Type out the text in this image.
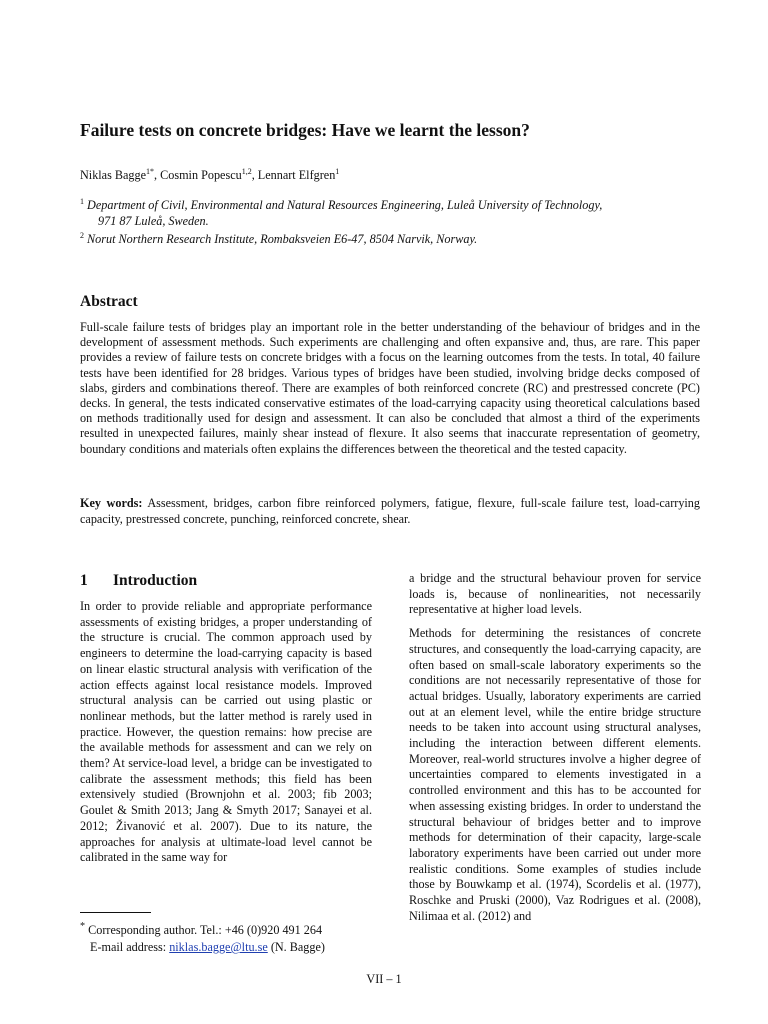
Failure tests on concrete bridges: Have we learnt the lesson?
Niklas Bagge$^{1*}$, Cosmin Popescu$^{1,2}$, Lennart Elfgren$^1$

$^1$ Department of Civil, Environmental and Natural Resources Engineering, Luleå University of Technology,
971 87 Luleå, Sweden.

$^2$ Norut Northern Research Institute, Rombaksveien E6-47, 8504 Narvik, Norway.

Abstract

Full-scale failure tests of bridges play an important role in the better understanding of the behaviour of bridges and in the development of assessment methods. Such experiments are challenging and often expansive and, thus, are rare. This paper provides a review of failure tests on concrete bridges with a focus on the learning outcomes from the tests. In total, 40 failure tests have been identified for 28 bridges. Various types of bridges have been studied, involving bridge decks composed of slabs, girders and combinations thereof. There are examples of both reinforced concrete (RC) and prestressed concrete (PC) decks. In general, the tests indicated conservative estimates of the load-carrying capacity using theoretical calculations based on methods traditionally used for design and assessment. It can also be concluded that almost a third of the experiments resulted in unexpected failures, mainly shear instead of flexure. It also seems that inaccurate representation of geometry, boundary conditions and materials often explains the differences between the theoretical and the tested capacity.

Key words: Assessment, bridges, carbon fibre reinforced polymers, fatigue, flexure, full-scale failure test, load-carrying capacity, prestressed concrete, punching, reinforced concrete, shear.

1 Introduction

In order to provide reliable and appropriate performance assessments of existing bridges, a proper understanding of the structure is crucial. The common approach used by engineers to determine the load-carrying capacity is based on linear elastic structural analysis with verification of the action effects against local resistance models. Improved structural analysis can be carried out using plastic or nonlinear methods, but the latter method is rarely used in practice. However, the question remains: how precise are the available methods for assessment and can we rely on them? At service-load level, a bridge can be investigated to calibrate the assessment methods; this field has been extensively studied (Brownjohn et al. 2003; fib 2003; Goulet & Smith 2013; Jang & Smyth 2017; Sanayei et al. 2012; Živanović et al. 2007). Due to its nature, the approaches for analysis at ultimate-load level cannot be calibrated in the same way for

a bridge and the structural behaviour proven for service loads is, because of nonlinearities, not necessarily representative at higher load levels.

Methods for determining the resistances of concrete structures, and consequently the load-carrying capacity, are often based on small-scale laboratory experiments so the conditions are not necessarily representative of those for actual bridges. Usually, laboratory experiments are carried out at an element level, while the entire bridge structure needs to be taken into account using structural analyses, including the interaction between different elements. Moreover, real-world structures involve a higher degree of uncertainties compared to elements investigated in a controlled environment and this has to be accounted for when assessing existing bridges. In order to understand the structural behaviour of bridges better and to improve methods for determination of their capacity, large-scale laboratory experiments have been carried out under more realistic conditions. Some examples of studies include those by Bouwkamp et al. (1974), Scordelis et al. (1977), Roschke and Pruski (2000), Vaz Rodrigues et al. (2008), Nilimaa et al. (2012) and

* Corresponding author. Tel.: +46 (0)920 491 264
E-mail address: niklas.bagge@ltu.se (N. Bagge)
VII – 1
